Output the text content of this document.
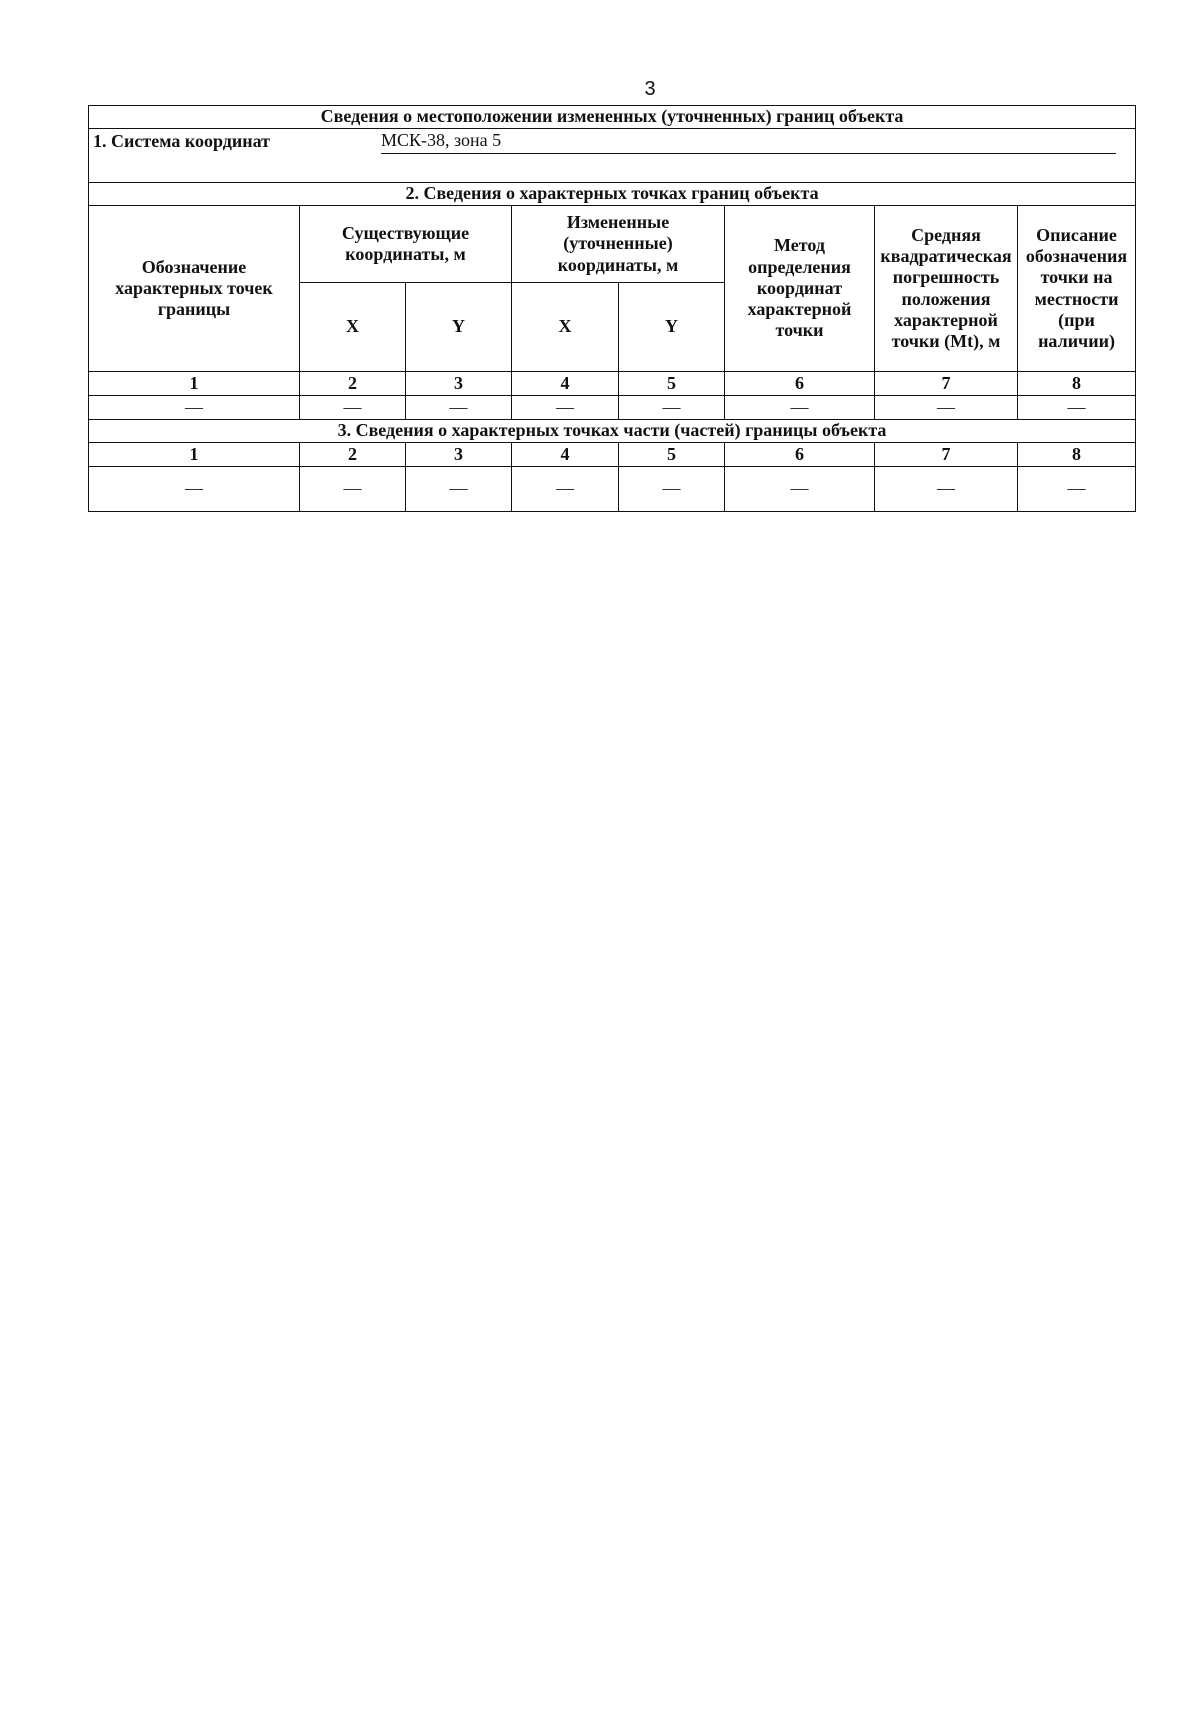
3
Сведения о местоположении измененных (уточненных) границ объекта							

1. Система координат МСК-38, зона 5							

2. Сведения о характерных точках границ объекта							
Обозначение характерных точек границы	Существующие координаты, м		Измененные (уточненные) координаты, м		Метод определения координат характерной точки	Средняя квадратическая погрешность положения характерной точки (Mt), м	Описание обозначения точки на местности (при наличии)
	X	Y	X	Y			
1	2	3	4	5	6	7	8
—	—	—	—	—	—	—	—
3. Сведения о характерных точках части (частей) границы объекта							
1	2	3	4	5	6	7	8
—	—	—	—	—	—	—	—
